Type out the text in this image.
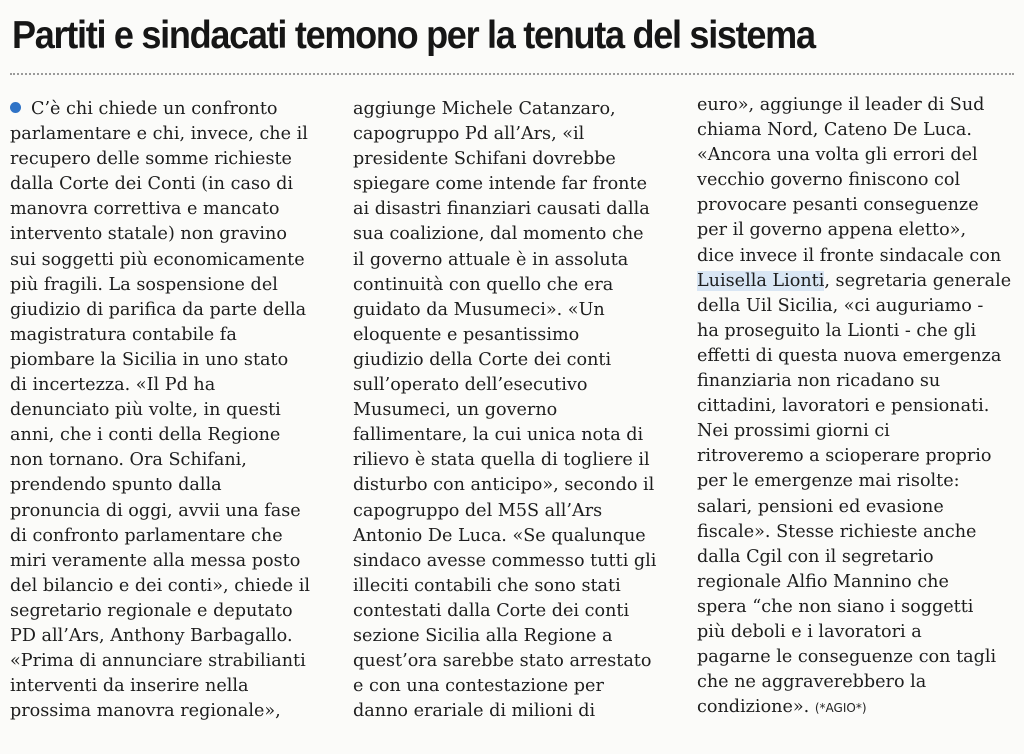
Partiti e sindacati temono per la tenuta del sistema
C’è chi chiede un confronto
parlamentare e chi, invece, che il
recupero delle somme richieste
dalla Corte dei Conti (in caso di
manovra correttiva e mancato
intervento statale) non gravino
sui soggetti più economicamente
più fragili. La sospensione del
giudizio di parifica da parte della
magistratura contabile fa
piombare la Sicilia in uno stato
di incertezza. «Il Pd ha
denunciato più volte, in questi
anni, che i conti della Regione
non tornano. Ora Schifani,
prendendo spunto dalla
pronuncia di oggi, avvii una fase
di confronto parlamentare che
miri veramente alla messa posto
del bilancio e dei conti», chiede il
segretario regionale e deputato
PD all’Ars, Anthony Barbagallo.
«Prima di annunciare strabilianti
interventi da inserire nella
prossima manovra regionale»,
aggiunge Michele Catanzaro,
capogruppo Pd all’Ars, «il
presidente Schifani dovrebbe
spiegare come intende far fronte
ai disastri finanziari causati dalla
sua coalizione, dal momento che
il governo attuale è in assoluta
continuità con quello che era
guidato da Musumeci». «Un
eloquente e pesantissimo
giudizio della Corte dei conti
sull’operato dell’esecutivo
Musumeci, un governo
fallimentare, la cui unica nota di
rilievo è stata quella di togliere il
disturbo con anticipo», secondo il
capogruppo del M5S all’Ars
Antonio De Luca. «Se qualunque
sindaco avesse commesso tutti gli
illeciti contabili che sono stati
contestati dalla Corte dei conti
sezione Sicilia alla Regione a
quest’ora sarebbe stato arrestato
e con una contestazione per
danno erariale di milioni di
euro», aggiunge il leader di Sud
chiama Nord, Cateno De Luca.
«Ancora una volta gli errori del
vecchio governo finiscono col
provocare pesanti conseguenze
per il governo appena eletto»,
dice invece il fronte sindacale con
Luisella Lionti, segretaria generale
della Uil Sicilia, «ci auguriamo -
ha proseguito la Lionti - che gli
effetti di questa nuova emergenza
finanziaria non ricadano su
cittadini, lavoratori e pensionati.
Nei prossimi giorni ci
ritroveremo a scioperare proprio
per le emergenze mai risolte:
salari, pensioni ed evasione
fiscale». Stesse richieste anche
dalla Cgil con il segretario
regionale Alfio Mannino che
spera “che non siano i soggetti
più deboli e i lavoratori a
pagarne le conseguenze con tagli
che ne aggraverebbero la
condizione». (*AGIO*)
